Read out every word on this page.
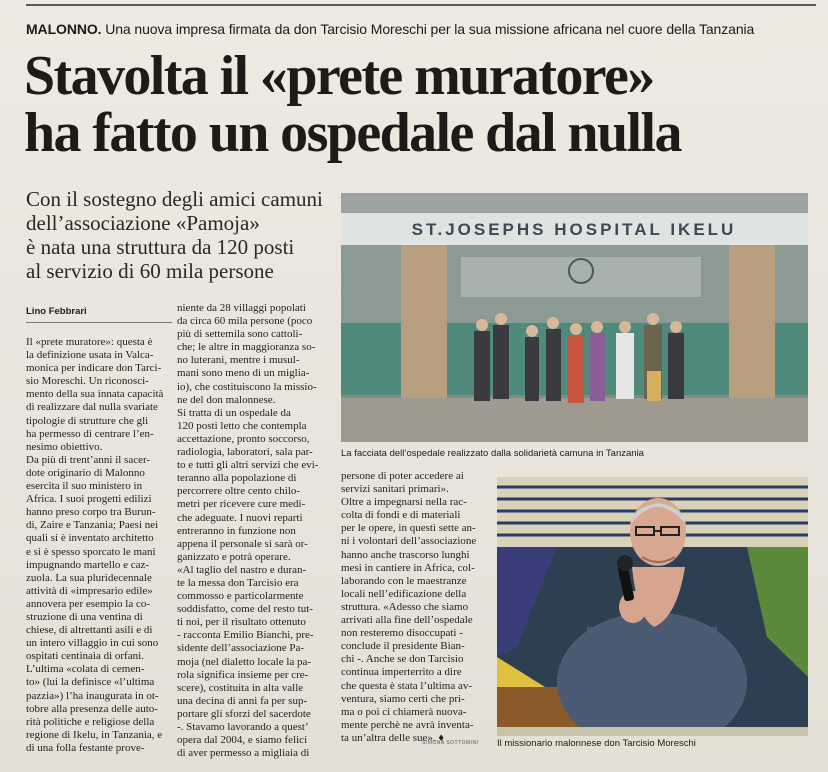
MALONNO. Una nuova impresa firmata da don Tarcisio Moreschi per la sua missione africana nel cuore della Tanzania
Stavolta il «prete muratore»
ha fatto un ospedale dal nulla
Con il sostegno degli amici camuni
dell’associazione «Pamoja»
è nata una struttura da 120 posti
al servizio di 60 mila persone
Lino Febbrari
Il «prete muratore»: questa è
la definizione usata in Valca-
monica per indicare don Tarci-
sio Moreschi. Un riconosci-
mento della sua innata capacità
di realizzare dal nulla svariate
tipologie di strutture che gli
ha permesso di centrare l’en-
nesimo obiettivo.
Da più di trent’anni il sacer-
dote originario di Malonno
esercita il suo ministero in
Africa. I suoi progetti edilizi
hanno preso corpo tra Burun-
di, Zaire e Tanzania; Paesi nei
quali si è inventato architetto
e si è spesso sporcato le mani
impugnando martello e caz-
zuola. La sua pluridecennale
attività di «impresario edile»
annovera per esempio la co-
struzione di una ventina di
chiese, di altrettanti asili e di
un intero villaggio in cui sono
ospitati centinaia di orfani.
L’ultima «colata di cemen-
to» (lui la definisce «l’ultima
pazzia») l’ha inaugurata in ot-
tobre alla presenza delle auto-
rità politiche e religiose della
regione di Ikelu, in Tanzania, e
di una folla festante prove-
niente da 28 villaggi popolati
da circa 60 mila persone (poco
più di settemila sono cattoli-
che; le altre in maggioranza so-
no luterani, mentre i musul-
mani sono meno di un miglia-
io), che costituiscono la missio-
ne del don malonnese.
Si tratta di un ospedale da
120 posti letto che contempla
accettazione, pronto soccorso,
radiologia, laboratori, sala par-
to e tutti gli altri servizi che evi-
teranno alla popolazione di
percorrere oltre cento chilo-
metri per ricevere cure medi-
che adeguate. I nuovi reparti
entreranno in funzione non
appena il personale si sarà or-
ganizzato e potrà operare.
«Al taglio del nastro e duran-
te la messa don Tarcisio era
commosso e particolarmente
soddisfatto, come del resto tut-
ti noi, per il risultato ottenuto
- racconta Emilio Bianchi, pre-
sidente dell’associazione Pa-
moja (nel dialetto locale la pa-
rola significa insieme per cre-
scere), costituita in alta valle
una decina di anni fa per sup-
portare gli sforzi del sacerdote
-. Stavamo lavorando a quest’
opera dal 2004, e siamo felici
di aver permesso a migliaia di
persone di poter accedere ai
servizi sanitari primari».
Oltre a impegnarsi nella rac-
colta di fondi e di materiali
per le opere, in questi sette an-
ni i volontari dell’associazione
hanno anche trascorso lunghi
mesi in cantiere in Africa, col-
laborando con le maestranze
locali nell’edificazione della
struttura. «Adesso che siamo
arrivati alla fine dell’ospedale
non resteremo disoccupati -
conclude il presidente Bian-
chi -. Anche se don Tarcisio
continua imperterrito a dire
che questa è stata l’ultima av-
ventura, siamo certi che pri-
ma o poi ci chiamerà nuova-
mente perchè ne avrà inventa-
ta un’altra delle sue». ♦
ST.JOSEPHS HOSPITAL IKELU
La facciata dell’ospedale realizzato dalla solidarietà camuna in Tanzania
Il missionario malonnese don Tarcisio Moreschi
SIMONA SOTTOMINI
